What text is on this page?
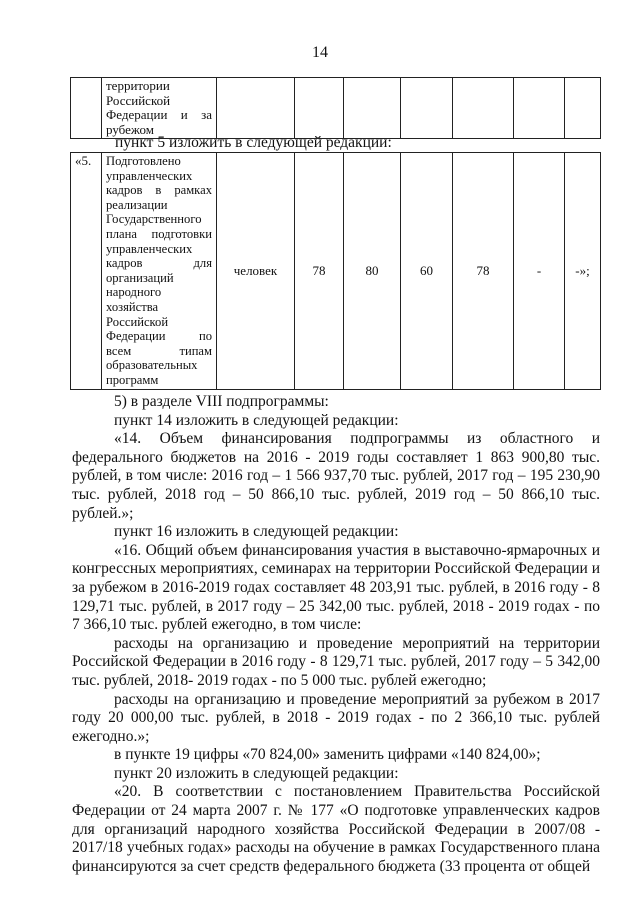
14

территории
Российской
Федерации и за
рубежом

пункт 5 изложить в следующей редакции:
«5.	Подготовлено
управленческих
кадров в рамках
реализации
Государственного
плана подготовки
управленческих
кадров для
организаций
народного
хозяйства
Российской
Федерации по
всем типам
образовательных
программ
	человек	78	80	60	78	-	-»;

5) в разделе VIII подпрограммы:

пункт 14 изложить в следующей редакции:

«14. Объем финансирования подпрограммы из областного и федерального бюджетов на 2016 - 2019 годы составляет 1 863 900,80 тыс. рублей, в том числе: 2016 год – 1 566 937,70 тыс. рублей, 2017 год – 195 230,90 тыс. рублей, 2018 год – 50 866,10 тыс. рублей, 2019 год – 50 866,10 тыс. рублей.»;

пункт 16 изложить в следующей редакции:

«16. Общий объем финансирования участия в выставочно-ярмарочных и конгрессных мероприятиях, семинарах на территории Российской Федерации и за рубежом в 2016-2019 годах составляет 48 203,91 тыс. рублей, в 2016 году - 8 129,71 тыс. рублей, в 2017 году – 25 342,00 тыс. рублей, 2018 - 2019 годах - по 7 366,10 тыс. рублей ежегодно, в том числе:

расходы на организацию и проведение мероприятий на территории Российской Федерации в 2016 году - 8 129,71 тыс. рублей, 2017 году – 5 342,00 тыс. рублей, 2018- 2019 годах - по 5 000 тыс. рублей ежегодно;

расходы на организацию и проведение мероприятий за рубежом в 2017 году 20 000,00 тыс. рублей, в 2018 - 2019 годах - по 2 366,10 тыс. рублей ежегодно.»;

в пункте 19 цифры «70 824,00» заменить цифрами «140 824,00»;

пункт 20 изложить в следующей редакции:

«20. В соответствии с постановлением Правительства Российской Федерации от 24 марта 2007 г. № 177 «О подготовке управленческих кадров для организаций народного хозяйства Российской Федерации в 2007/08 - 2017/18 учебных годах» расходы на обучение в рамках Государственного плана финансируются за счет средств федерального бюджета (33 процента от общей
